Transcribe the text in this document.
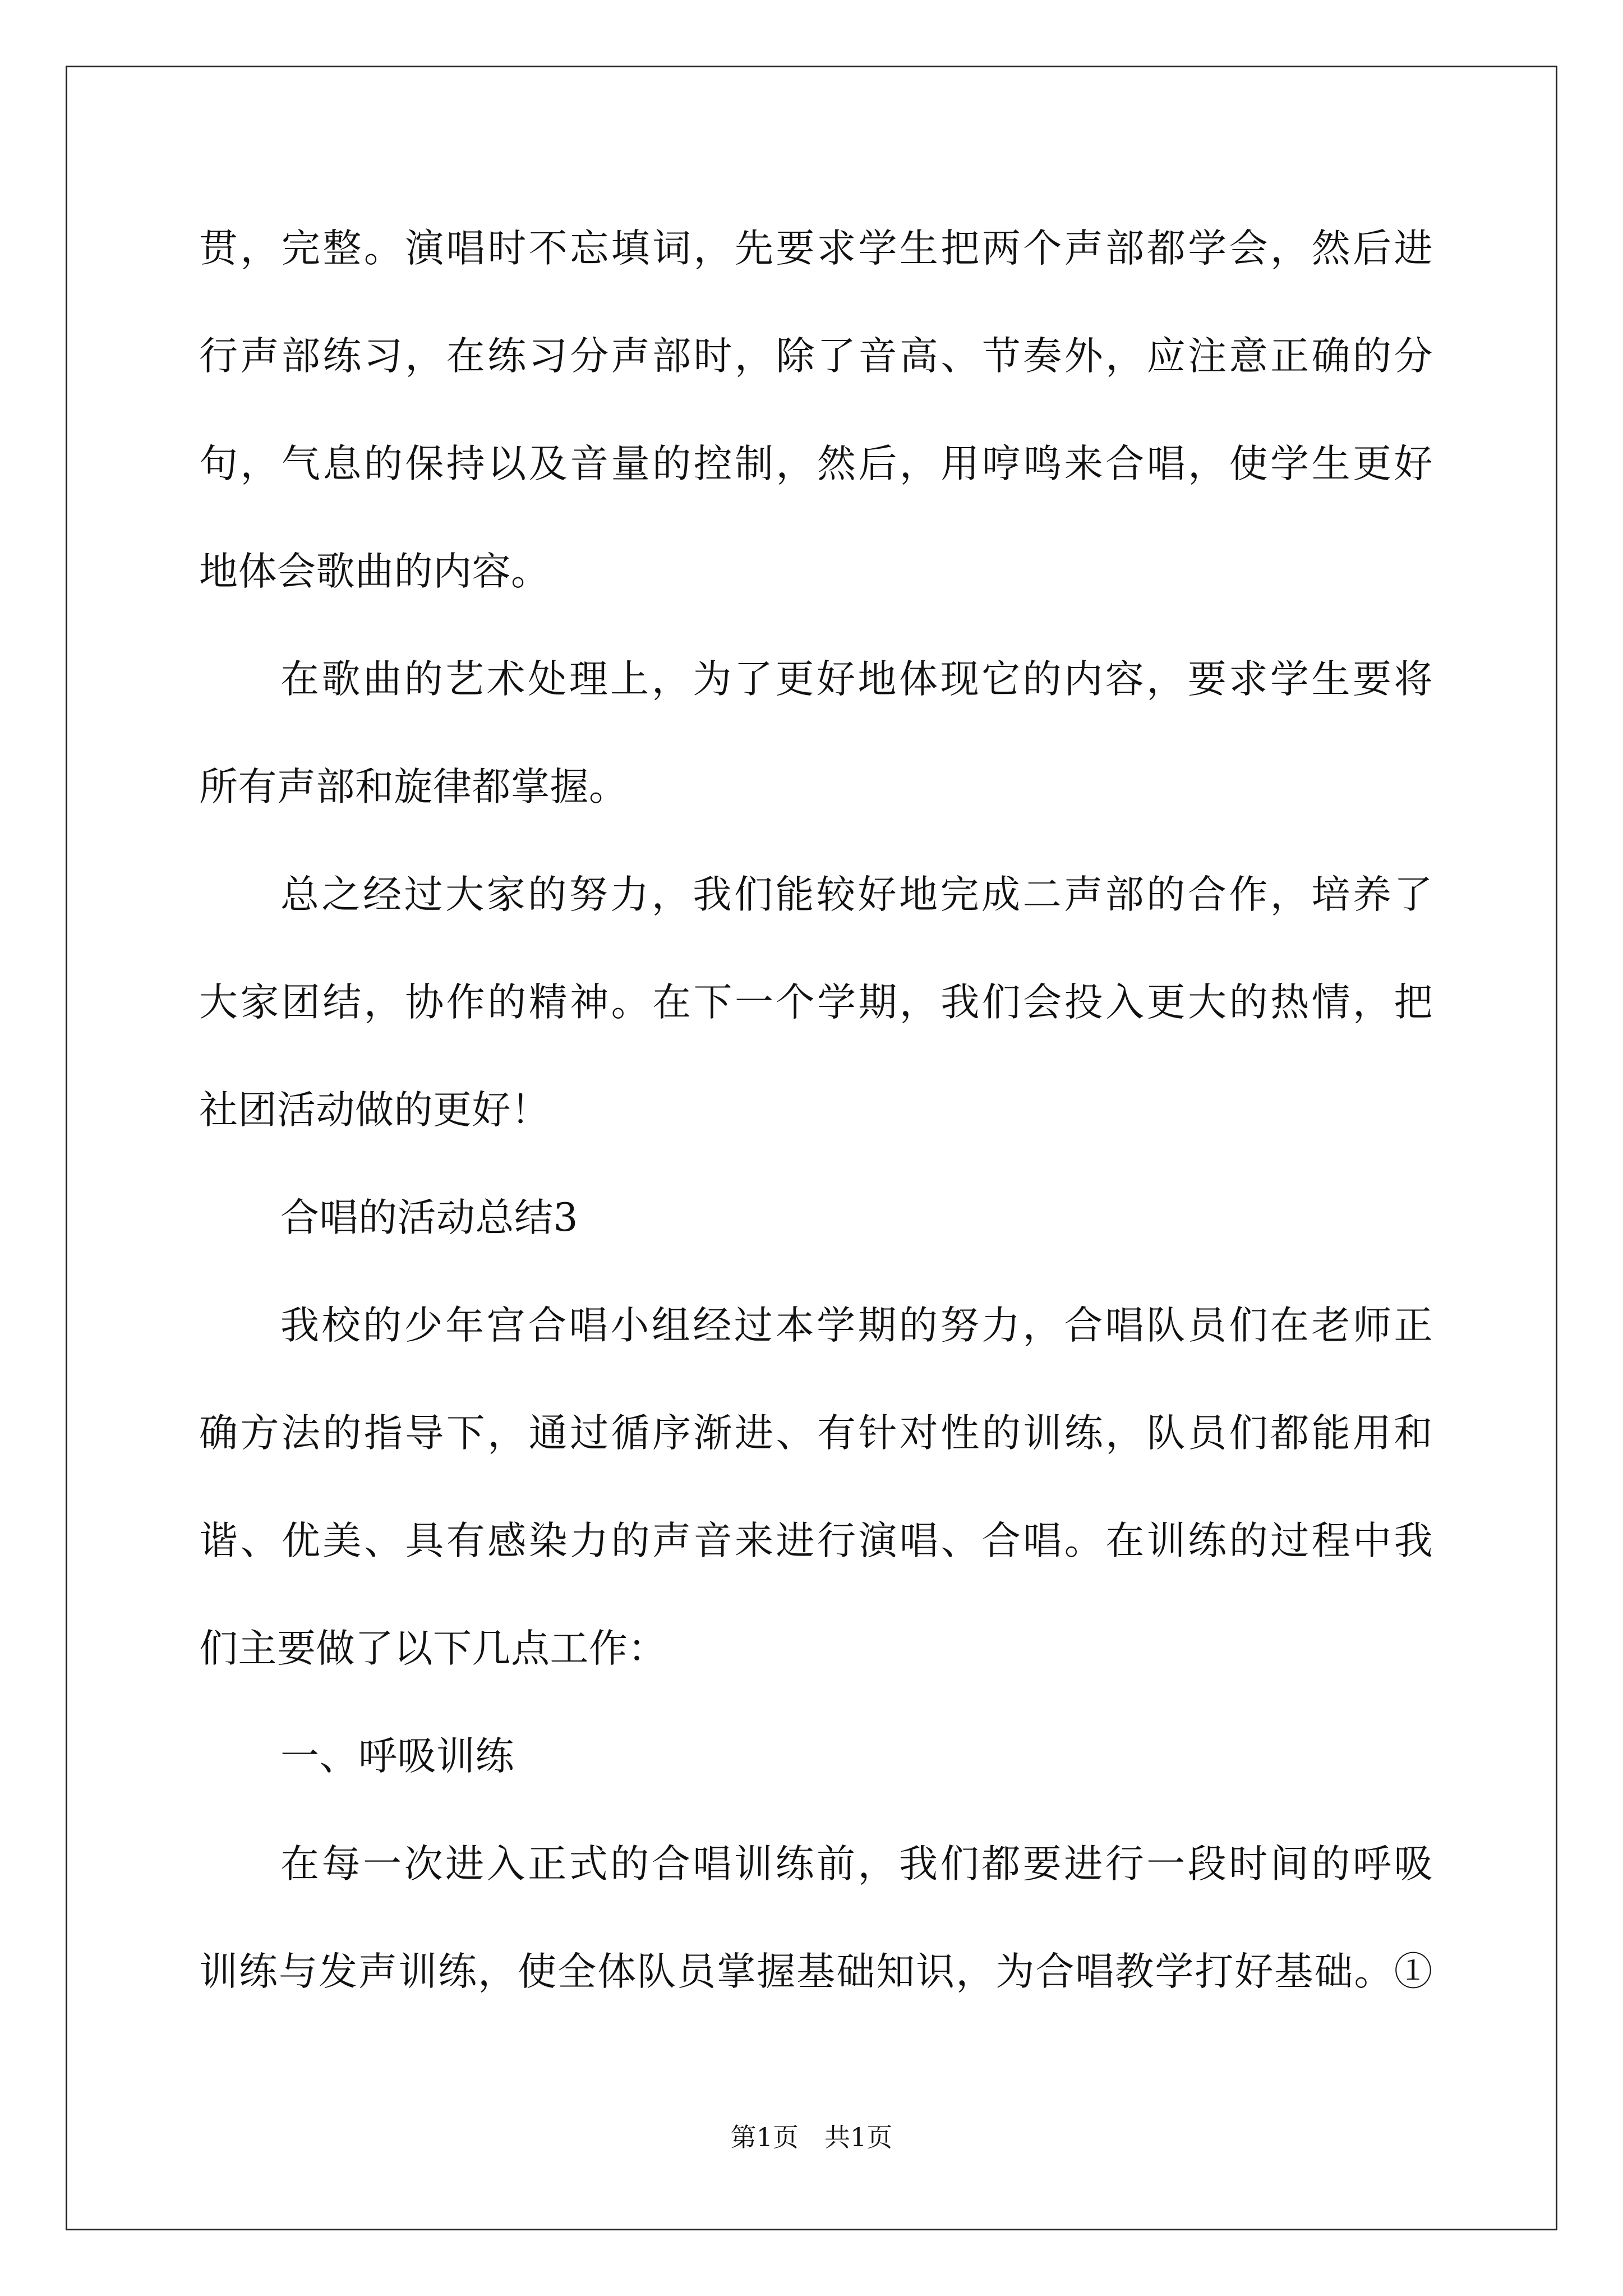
贯，完整。演唱时不忘填词，先要求学生把两个声部都学会，然后进
行声部练习，在练习分声部时，除了音高、节奏外，应注意正确的分
句，气息的保持以及音量的控制，然后，用哼鸣来合唱，使学生更好
地体会歌曲的内容。
在歌曲的艺术处理上，为了更好地体现它的内容，要求学生要将
所有声部和旋律都掌握。
总之经过大家的努力，我们能较好地完成二声部的合作，培养了
大家团结，协作的精神。在下一个学期，我们会投入更大的热情，把
社团活动做的更好！
合唱的活动总结3
我校的少年宫合唱小组经过本学期的努力，合唱队员们在老师正
确方法的指导下，通过循序渐进、有针对性的训练，队员们都能用和
谐、优美、具有感染力的声音来进行演唱、合唱。在训练的过程中我
们主要做了以下几点工作：
一、呼吸训练
在每一次进入正式的合唱训练前，我们都要进行一段时间的呼吸
训练与发声训练，使全体队员掌握基础知识，为合唱教学打好基础。①
第1页　共1页
